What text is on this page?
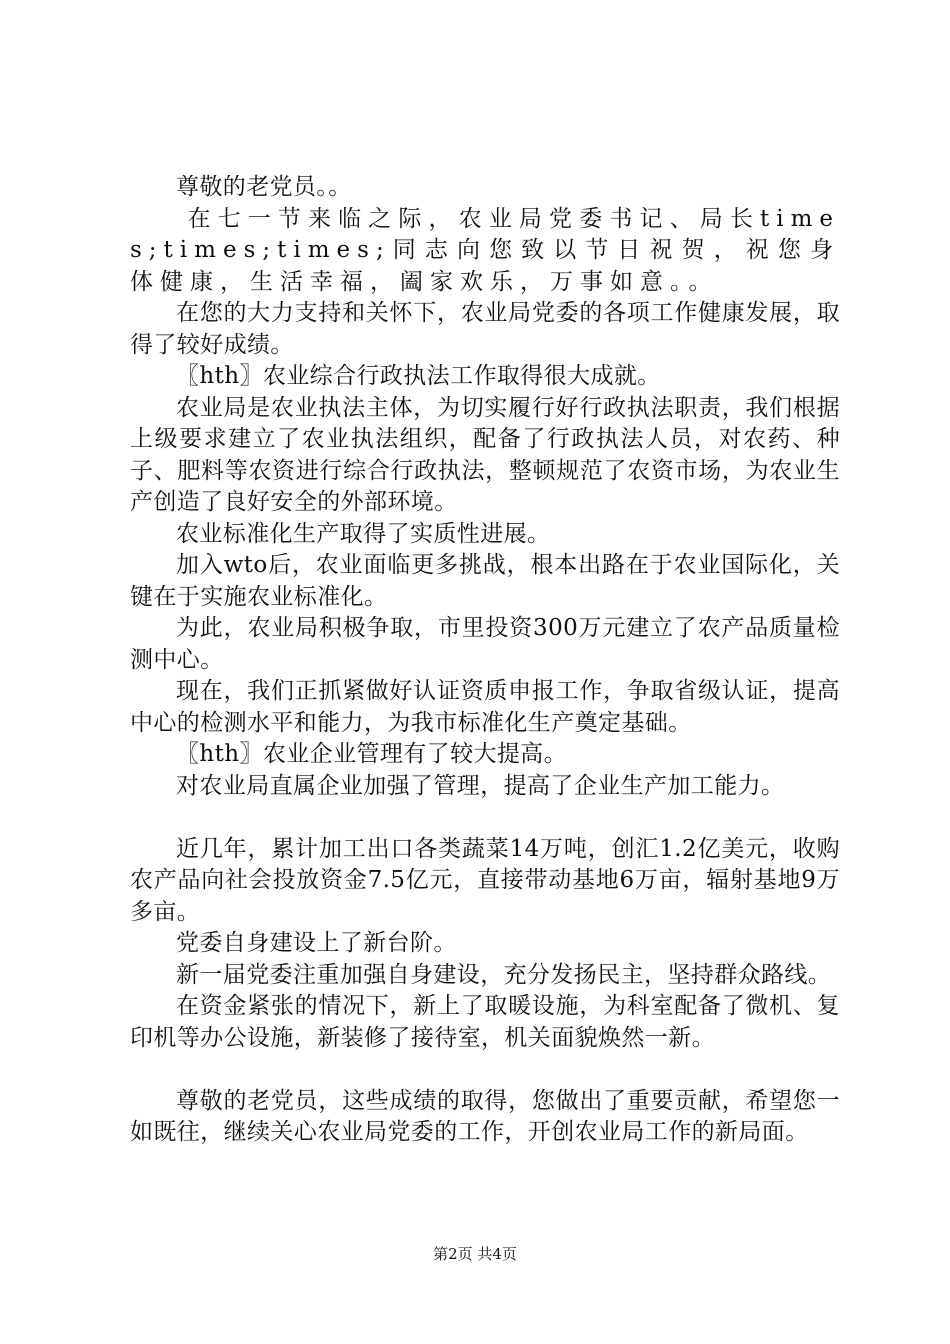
尊敬的老党员。。

在七一节来临之际，农业局党委书记、局长times;times;times;同志向您致以节日祝贺，祝您身体健康，生活幸福，阖家欢乐，万事如意。。

在您的大力支持和关怀下，农业局党委的各项工作健康发展，取得了较好成绩。

〖hth〗农业综合行政执法工作取得很大成就。

农业局是农业执法主体，为切实履行好行政执法职责，我们根据上级要求建立了农业执法组织，配备了行政执法人员，对农药、种子、肥料等农资进行综合行政执法，整顿规范了农资市场，为农业生产创造了良好安全的外部环境。

农业标准化生产取得了实质性进展。

加入wto后，农业面临更多挑战，根本出路在于农业国际化，关键在于实施农业标准化。

为此，农业局积极争取，市里投资300万元建立了农产品质量检测中心。

现在，我们正抓紧做好认证资质申报工作，争取省级认证，提高中心的检测水平和能力，为我市标准化生产奠定基础。

〖hth〗农业企业管理有了较大提高。

对农业局直属企业加强了管理，提高了企业生产加工能力。

近几年，累计加工出口各类蔬菜14万吨，创汇1.2亿美元，收购农产品向社会投放资金7.5亿元，直接带动基地6万亩，辐射基地9万多亩。

党委自身建设上了新台阶。

新一届党委注重加强自身建设，充分发扬民主，坚持群众路线。

在资金紧张的情况下，新上了取暖设施，为科室配备了微机、复印机等办公设施，新装修了接待室，机关面貌焕然一新。

尊敬的老党员，这些成绩的取得，您做出了重要贡献，希望您一如既往，继续关心农业局党委的工作，开创农业局工作的新局面。

第2页 共4页
